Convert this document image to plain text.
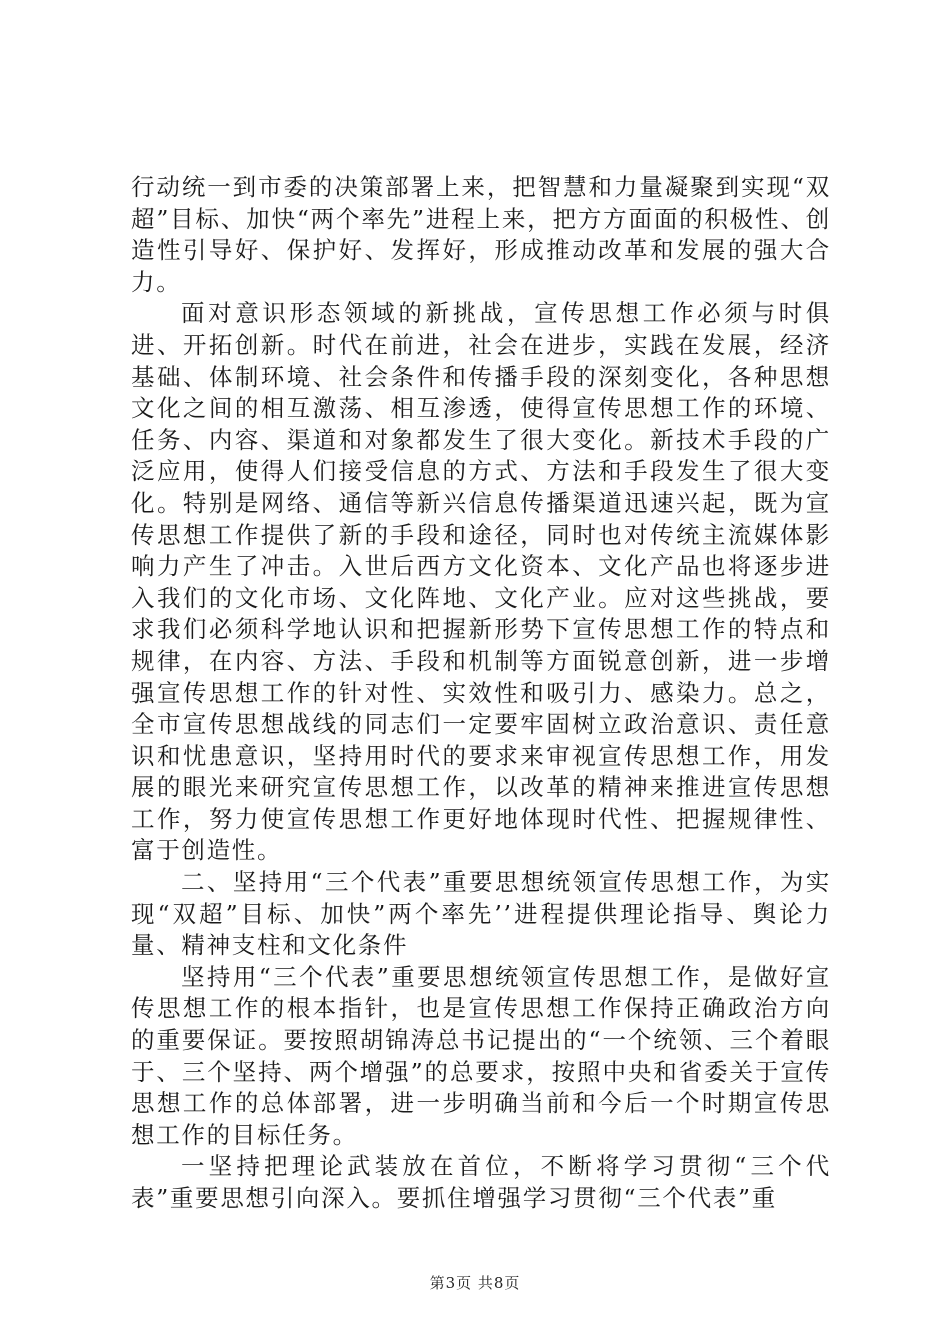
行动统一到市委的决策部署上来，把智慧和力量凝聚到实现“双超”目标、加快“两个率先”进程上来，把方方面面的积极性、创造性引导好、保护好、发挥好，形成推动改革和发展的强大合力。

面对意识形态领域的新挑战，宣传思想工作必须与时俱进、开拓创新。时代在前进，社会在进步，实践在发展，经济基础、体制环境、社会条件和传播手段的深刻变化，各种思想文化之间的相互激荡、相互渗透，使得宣传思想工作的环境、任务、内容、渠道和对象都发生了很大变化。新技术手段的广泛应用，使得人们接受信息的方式、方法和手段发生了很大变化。特别是网络、通信等新兴信息传播渠道迅速兴起，既为宣传思想工作提供了新的手段和途径，同时也对传统主流媒体影响力产生了冲击。入世后西方文化资本、文化产品也将逐步进入我们的文化市场、文化阵地、文化产业。应对这些挑战，要求我们必须科学地认识和把握新形势下宣传思想工作的特点和规律，在内容、方法、手段和机制等方面锐意创新，进一步增强宣传思想工作的针对性、实效性和吸引力、感染力。总之，全市宣传思想战线的同志们一定要牢固树立政治意识、责任意识和忧患意识，坚持用时代的要求来审视宣传思想工作，用发展的眼光来研究宣传思想工作，以改革的精神来推进宣传思想工作，努力使宣传思想工作更好地体现时代性、把握规律性、富于创造性。

二、坚持用“三个代表”重要思想统领宣传思想工作，为实现“双超”目标、加快”两个率先’’进程提供理论指导、舆论力量、精神支柱和文化条件

坚持用“三个代表”重要思想统领宣传思想工作，是做好宣传思想工作的根本指针，也是宣传思想工作保持正确政治方向的重要保证。要按照胡锦涛总书记提出的“一个统领、三个着眼于、三个坚持、两个增强”的总要求，按照中央和省委关于宣传思想工作的总体部署，进一步明确当前和今后一个时期宣传思想工作的目标任务。

一坚持把理论武装放在首位，不断将学习贯彻“三个代表”重要思想引向深入。要抓住增强学习贯彻“三个代表”重

第3页 共8页
